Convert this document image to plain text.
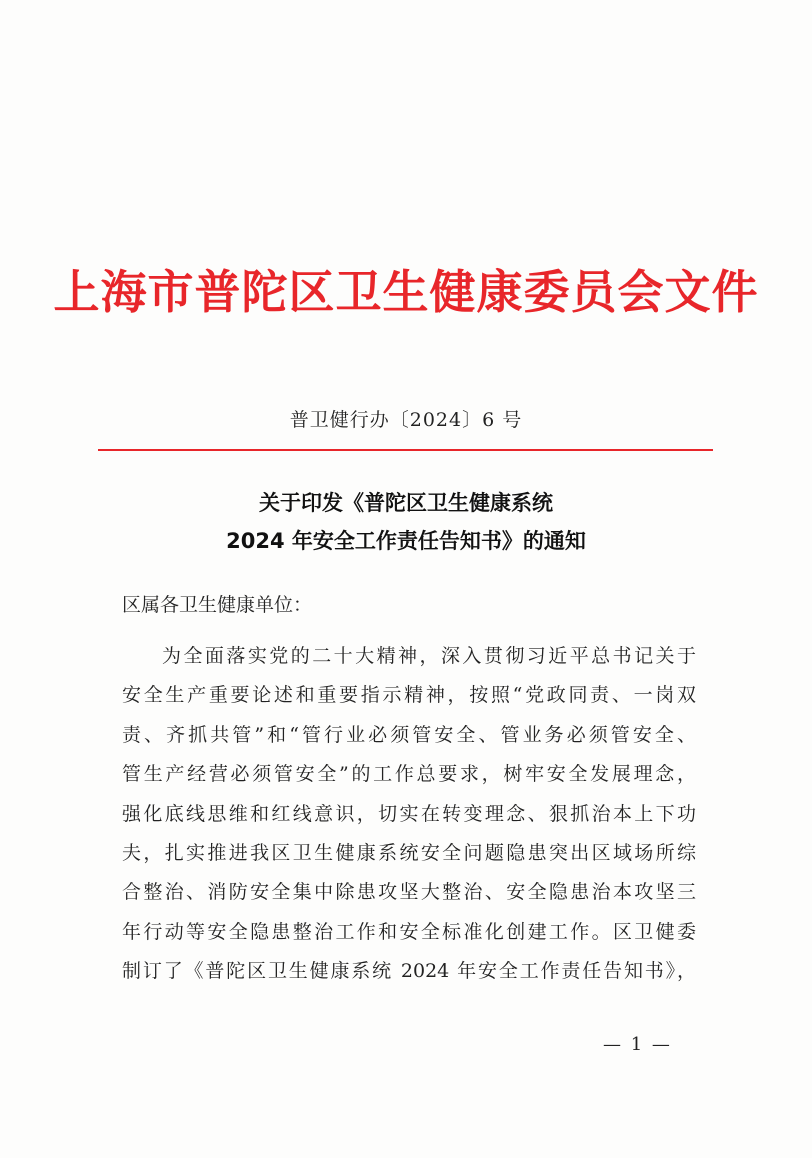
上海市普陀区卫生健康委员会文件
普卫健行办〔2024〕6 号
关于印发《普陀区卫生健康系统
2024 年安全工作责任告知书》的通知
区属各卫生健康单位：
为全面落实党的二十大精神，深入贯彻习近平总书记关于
安全生产重要论述和重要指示精神，按照“党政同责、一岗双
责、齐抓共管”和“管行业必须管安全、管业务必须管安全、
管生产经营必须管安全”的工作总要求，树牢安全发展理念，
强化底线思维和红线意识，切实在转变理念、狠抓治本上下功
夫，扎实推进我区卫生健康系统安全问题隐患突出区域场所综
合整治、消防安全集中除患攻坚大整治、安全隐患治本攻坚三
年行动等安全隐患整治工作和安全标准化创建工作。区卫健委
制订了《普陀区卫生健康系统 2024 年安全工作责任告知书》，
— 1 —
